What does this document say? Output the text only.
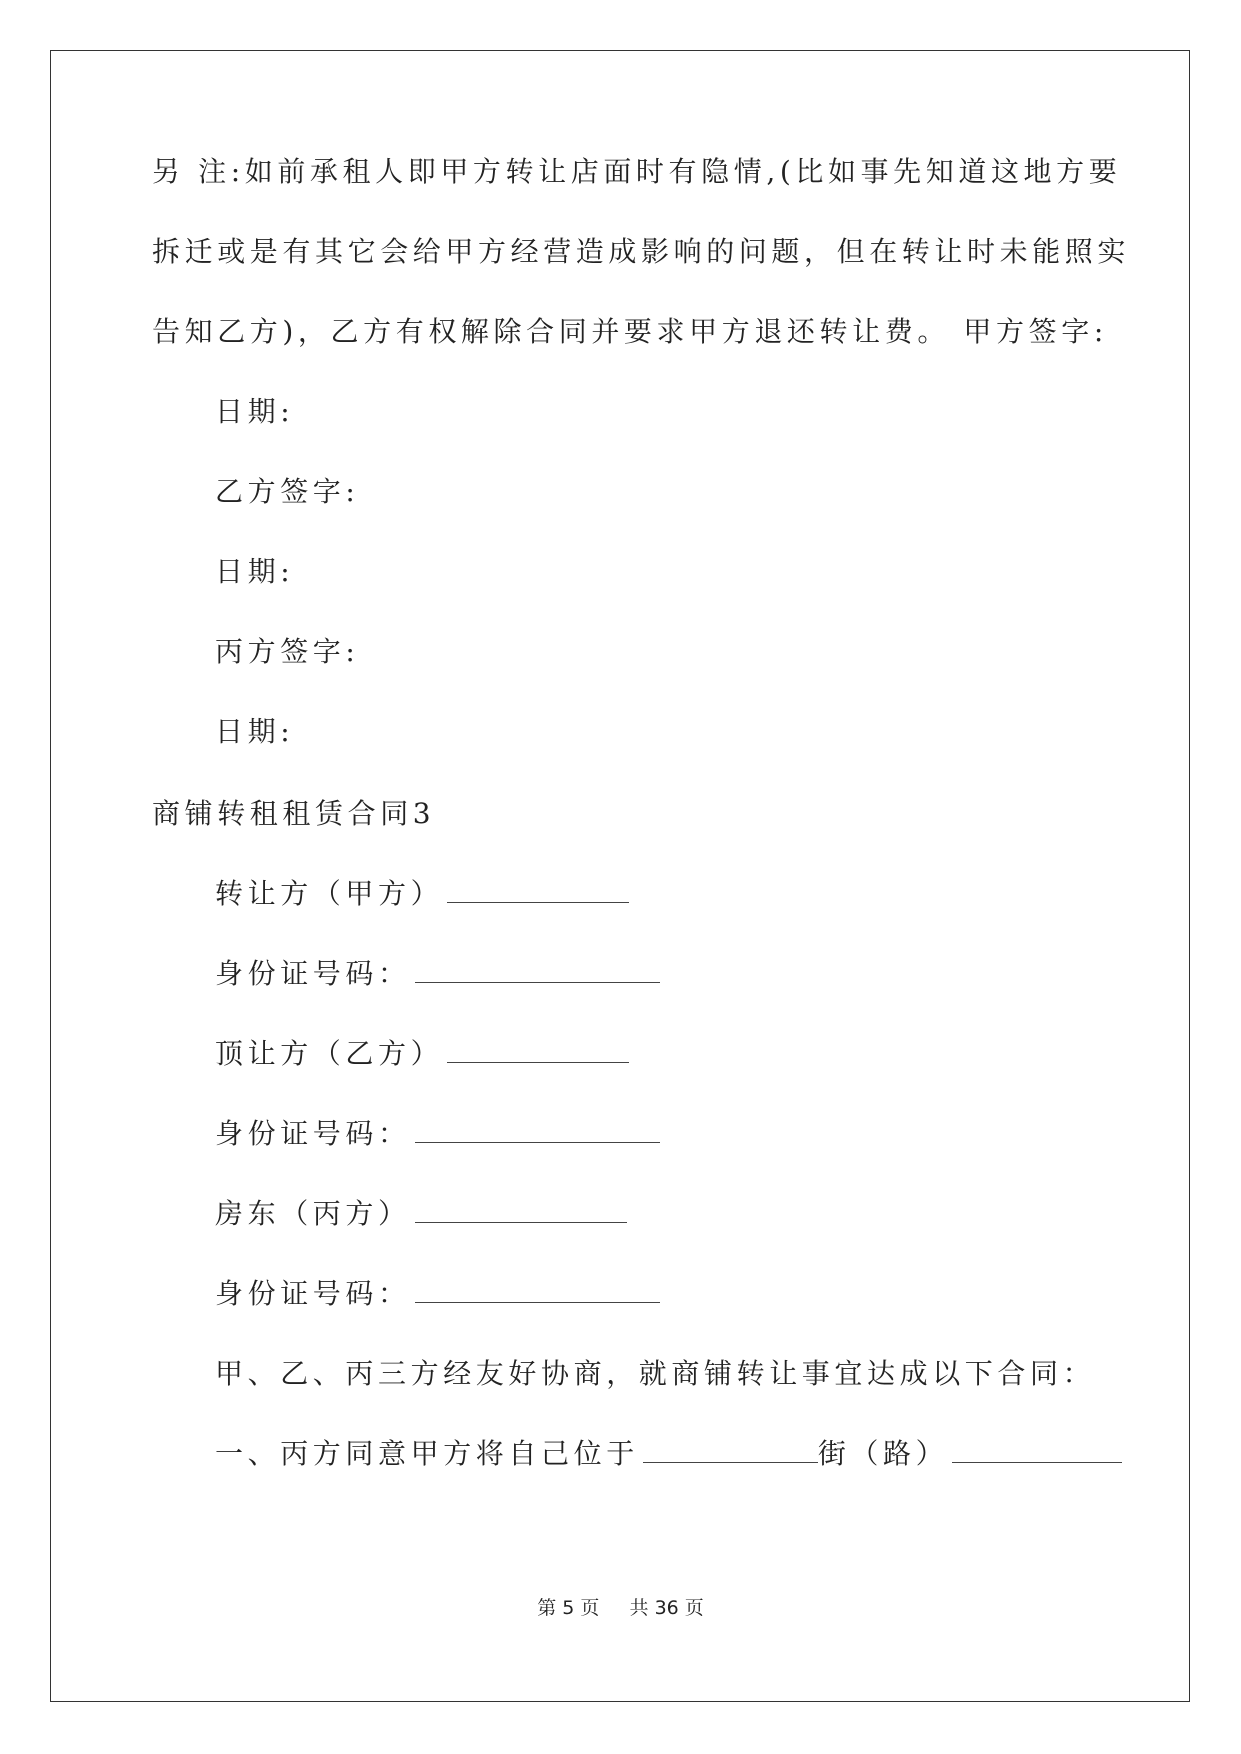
另 注:如前承租人即甲方转让店面时有隐情,(比如事先知道这地方要
拆迁或是有其它会给甲方经营造成影响的问题，但在转让时未能照实
告知乙方)，乙方有权解除合同并要求甲方退还转让费。 甲方签字:
日期:
乙方签字:
日期:
丙方签字:
日期:
商铺转租租赁合同3
转让方（甲方）
身份证号码：
顶让方（乙方）
身份证号码：
房东（丙方）
身份证号码：
甲、乙、丙三方经友好协商，就商铺转让事宜达成以下合同：
一、丙方同意甲方将自己位于	街（路）
第 5 页 共 36 页
